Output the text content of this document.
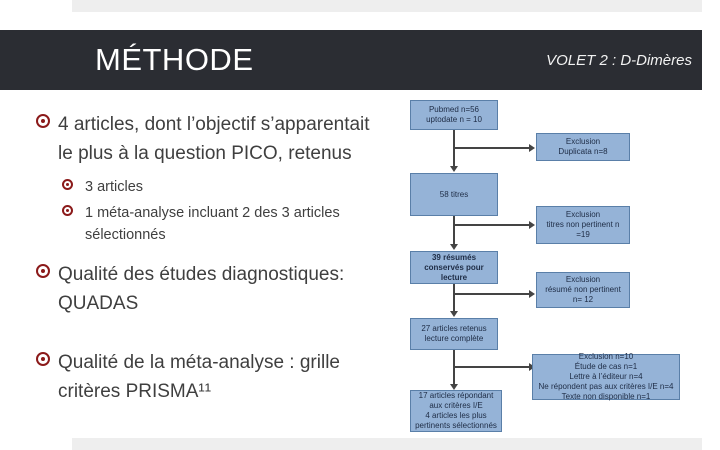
MÉTHODE	VOLET 2 : D-Dimères
4 articles, dont l’objectif s’apparentait le plus à la question PICO, retenus
3 articles
1 méta-analyse incluant 2 des 3 articles sélectionnés
Qualité des études diagnostiques: QUADAS
Qualité de la méta-analyse : grille critères PRISMA¹¹
Pubmed n=56
uptodate n = 10
Exclusion
Duplicata n=8
58 titres
Exclusion
titres non pertinent n
=19
39 résumés
conservés pour
lecture	Exclusion
résumé non pertinent
n= 12
27 articles retenus
lecture complète
Exclusion n=10
Étude de cas n=1
Lettre à l’éditeur n=4
Ne répondent pas aux critères I/E n=4
Texte non disponible n=1
17 articles répondant
aux critères I/E
4 articles les plus
pertinents sélectionnés
